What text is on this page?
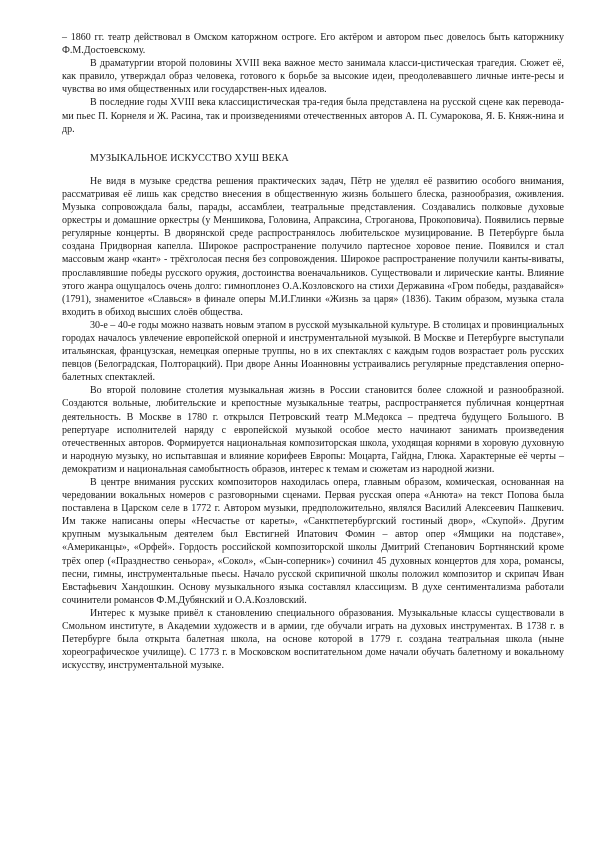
– 1860 гг. театр действовал в Омском каторжном остроге. Его актёром и автором пьес довелось быть каторжнику Ф.М.Достоевскому.

В драматургии второй половины XVIII века важное место занимала класси-цистическая трагедия. Сюжет её, как правило, утверждал образ человека, готового к борьбе за высокие идеи, преодолевавшего личные инте-ресы и чувства во имя общественных или государствен-ных идеалов.

В последние годы XVIII века классицистическая тра-гедия была представлена на русской сцене как перевода-ми пьес П. Корнеля и Ж. Расина, так и произведениями отечественных авторов А. П. Сумарокова, Я. Б. Княж-нина и др.

МУЗЫКАЛЬНОЕ ИСКУССТВО ХУШ ВЕКА

Не видя в музыке средства решения практических задач, Пётр не уделял её развитию особого внимания, рассматривая её лишь как средство внесения в общественную жизнь большего блеска, разнообразия, оживления. Музыка сопровождала балы, парады, ассамблеи, театральные представления. Создавались полковые духовые оркестры и домашние оркестры (у Меншикова, Головина, Апраксина, Строганова, Прокоповича). Появились первые регулярные концерты. В дворянской среде распространялось любительское музицирование. В Петербурге была создана Придворная капелла. Широкое распространение получило партесное хоровое пение. Появился и стал массовым жанр «кант» - трёхголосая песня без сопровождения. Широкое распространение получили канты-виваты, прославлявшие победы русского оружия, достоинства военачальников. Существовали и лирические канты. Влияние этого жанра ощущалось очень долго: гимноплонез О.А.Козловского на стихи Державина «Гром победы, раздавайся» (1791), знаменитое «Славься» в финале оперы М.И.Глинки «Жизнь за царя» (1836). Таким образом, музыка стала входить в обиход высших слоёв общества.

30-е – 40-е годы можно назвать новым этапом в русской музыкальной культуре. В столицах и провинциальных городах началось увлечение европейской оперной и инструментальной музыкой. В Москве и Петербурге выступали итальянская, французская, немецкая оперные труппы, но в их спектаклях с каждым годов возрастает роль русских певцов (Белоградская, Полторацкий). При дворе Анны Иоанновны устраивались регулярные представления оперно-балетных спектаклей.

Во второй половине столетия музыкальная жизнь в России становится более сложной и разнообразной. Создаются вольные, любительские и крепостные музыкальные театры, распространяется публичная концертная деятельность. В Москве в 1780 г. открылся Петровский театр М.Медокса – предтеча будущего Большого. В репертуаре исполнителей наряду с европейской музыкой особое место начинают занимать произведения отечественных авторов. Формируется национальная композиторская школа, уходящая корнями в хоровую духовную и народную музыку, но испытавшая и влияние корифеев Европы: Моцарта, Гайдна, Глюка. Характерные её черты – демократизм и национальная самобытность образов, интерес к темам и сюжетам из народной жизни.

В центре внимания русских композиторов находилась опера, главным образом, комическая, основанная на чередовании вокальных номеров с разговорными сценами. Первая русская опера «Анюта» на текст Попова была поставлена в Царском селе в 1772 г. Автором музыки, предположительно, являлся Василий Алексеевич Пашкевич. Им также написаны оперы «Несчастье от кареты», «Санктпетербургский гостиный двор», «Скупой». Другим крупным музыкальным деятелем был Евстигней Ипатович Фомин – автор опер «Ямщики на подставе», «Американцы», «Орфей». Гордость российской композиторской школы Дмитрий Степанович Бортнянский кроме трёх опер («Празднество сеньора», «Сокол», «Сын-соперник») сочинил 45 духовных концертов для хора, романсы, песни, гимны, инструментальные пьесы. Начало русской скрипичной школы положил композитор и скрипач Иван Евстафьевич Хандошкин. Основу музыкального языка составлял классицизм. В духе сентиментализма работали сочинители романсов Ф.М.Дубянский и О.А.Козловский.

Интерес к музыке привёл к становлению специального образования. Музыкальные классы существовали в Смольном институте, в Академии художеств и в армии, где обучали играть на духовых инструментах. В 1738 г. в Петербурге была открыта балетная школа, на основе которой в 1779 г. создана театральная школа (ныне хореографическое училище). С 1773 г. в Московском воспитательном доме начали обучать балетному и вокальному искусству, инструментальной музыке.
